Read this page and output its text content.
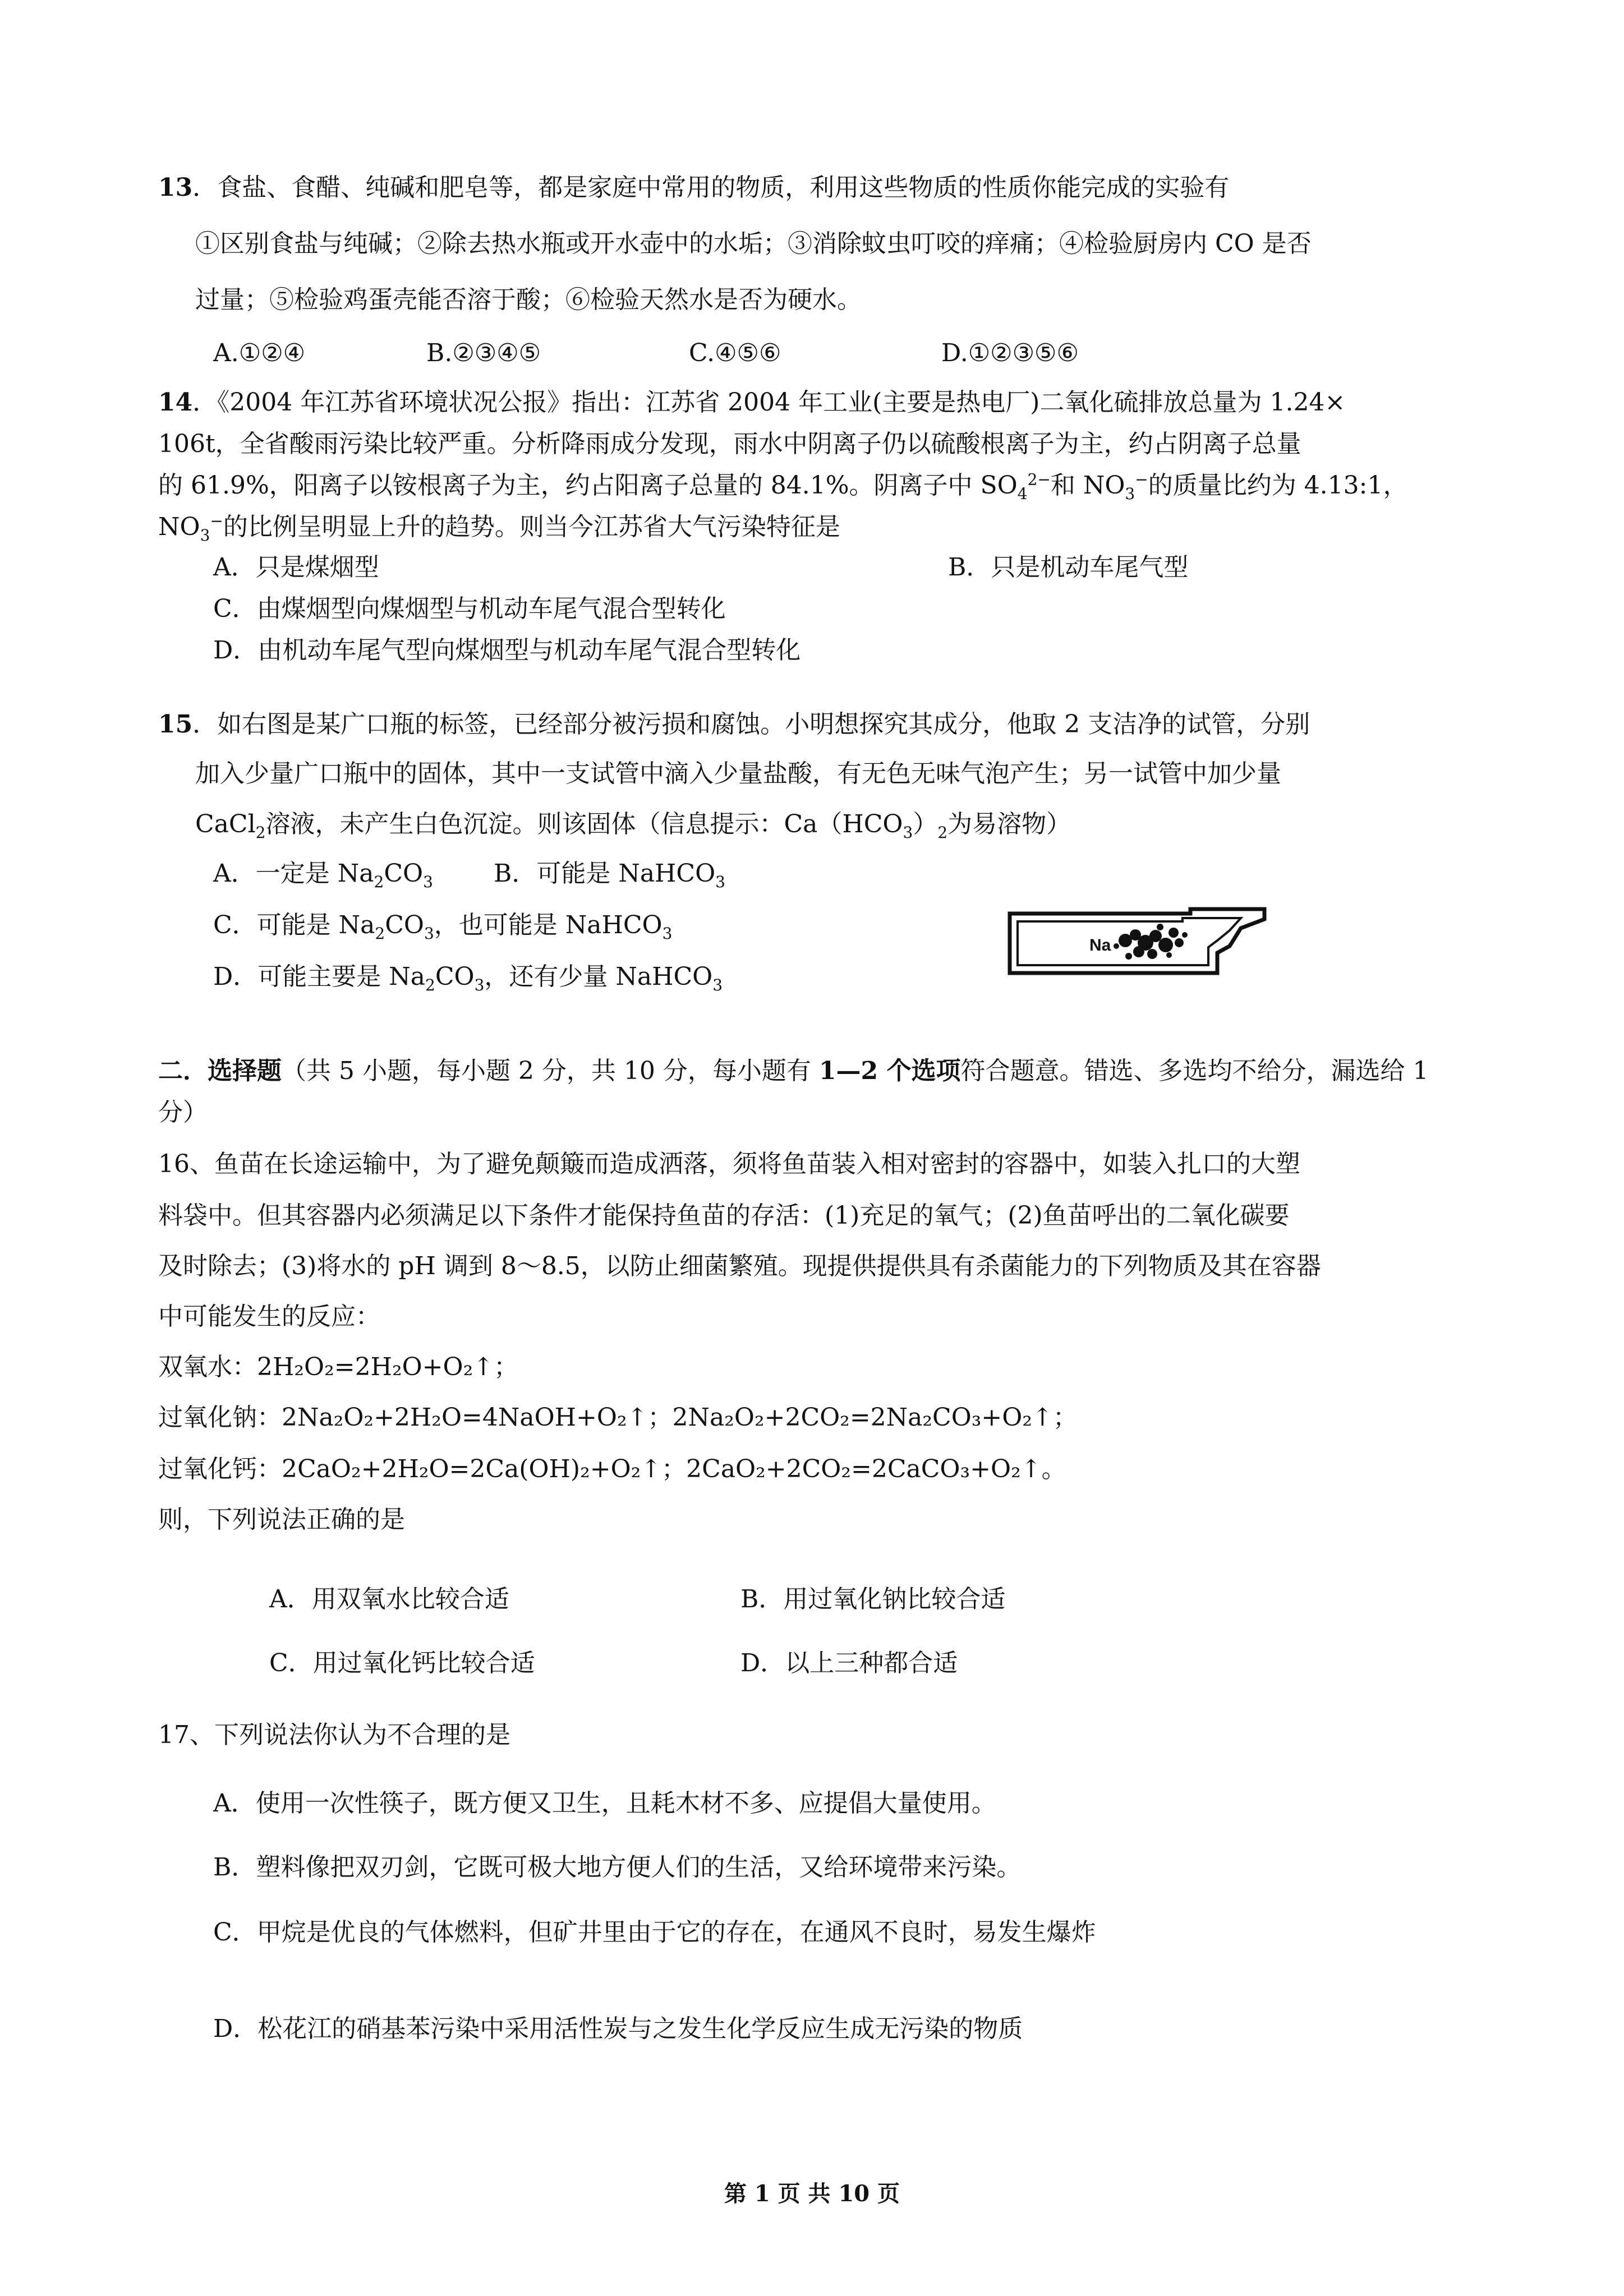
13．食盐、食醋、纯碱和肥皂等，都是家庭中常用的物质，利用这些物质的性质你能完成的实验有
①区别食盐与纯碱；②除去热水瓶或开水壶中的水垢；③消除蚊虫叮咬的痒痛；④检验厨房内 CO 是否
过量；⑤检验鸡蛋壳能否溶于酸；⑥检验天然水是否为硬水。
A.①②④	B.②③④⑤	C.④⑤⑥	D.①②③⑤⑥
14．《2004 年江苏省环境状况公报》指出：江苏省 2004 年工业(主要是热电厂)二氧化硫排放总量为 1.24×
106t，全省酸雨污染比较严重。分析降雨成分发现，雨水中阴离子仍以硫酸根离子为主，约占阴离子总量
的 61.9%，阳离子以铵根离子为主，约占阳离子总量的 84.1%。阴离子中 $SO_4^{2-}$和 $NO_3^-$的质量比约为 4.13:1，
$NO_3^-$的比例呈明显上升的趋势。则当今江苏省大气污染特征是
A．只是煤烟型	B．只是机动车尾气型
C．由煤烟型向煤烟型与机动车尾气混合型转化
D．由机动车尾气型向煤烟型与机动车尾气混合型转化
15．如右图是某广口瓶的标签，已经部分被污损和腐蚀。小明想探究其成分，他取 2 支洁净的试管，分别
加入少量广口瓶中的固体，其中一支试管中滴入少量盐酸，有无色无味气泡产生；另一试管中加少量
CaCl$_2$溶液，未产生白色沉淀。则该固体（信息提示：$Ca(HCO_3)_2$为易溶物）
A．一定是 $Na_2CO_3$ B．可能是 NaHCO$_3$
C．可能是 $Na_2CO_3$，也可能是 NaHCO$_3$
D．可能主要是 $Na_2CO_3$，还有少量 NaHCO$_3$
Na
二．选择题（共 5 小题，每小题 2 分，共 10 分，每小题有 1—2 个选项符合题意。错选、多选均不给分，漏选给 1
分）
16、鱼苗在长途运输中，为了避免颠簸而造成洒落，须将鱼苗装入相对密封的容器中，如装入扎口的大塑
料袋中。但其容器内必须满足以下条件才能保持鱼苗的存活：(1)充足的氧气；(2)鱼苗呼出的二氧化碳要
及时除去；(3)将水的 pH 调到 8～8.5，以防止细菌繁殖。现提供提供具有杀菌能力的下列物质及其在容器
中可能发生的反应：
双氧水：2H₂O₂=2H₂O+O₂↑；
过氧化钠：2Na₂O₂+2H₂O=4NaOH+O₂↑；2Na₂O₂+2CO₂=2Na₂CO₃+O₂↑；
过氧化钙：2CaO₂+2H₂O=2Ca(OH)₂+O₂↑；2CaO₂+2CO₂=2CaCO₃+O₂↑。
则，下列说法正确的是
A．用双氧水比较合适	B．用过氧化钠比较合适
C．用过氧化钙比较合适	D．以上三种都合适
17、下列说法你认为不合理的是
A．使用一次性筷子，既方便又卫生，且耗木材不多、应提倡大量使用。
B．塑料像把双刃剑，它既可极大地方便人们的生活，又给环境带来污染。
C．甲烷是优良的气体燃料，但矿井里由于它的存在，在通风不良时，易发生爆炸
D．松花江的硝基苯污染中采用活性炭与之发生化学反应生成无污染的物质
第 1 页 共 10 页
